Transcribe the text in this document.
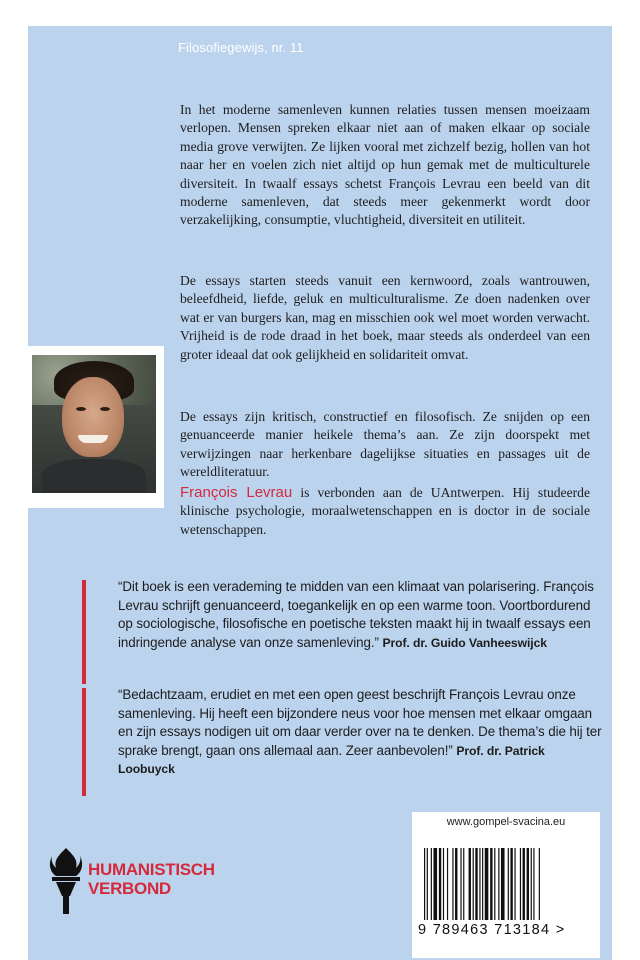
Filosofiegewijs, nr. 11

In het moderne samenleven kunnen relaties tussen mensen moeizaam verlopen. Mensen spreken elkaar niet aan of maken elkaar op sociale media grove verwijten. Ze lijken vooral met zichzelf bezig, hollen van hot naar her en voelen zich niet altijd op hun gemak met de multiculturele diversiteit. In twaalf essays schetst François Levrau een beeld van dit moderne samenleven, dat steeds meer gekenmerkt wordt door verzakelijking, consumptie, vluchtigheid, diversiteit en utiliteit.

De essays starten steeds vanuit een kernwoord, zoals wantrouwen, beleefdheid, liefde, geluk en multiculturalisme. Ze doen nadenken over wat er van burgers kan, mag en misschien ook wel moet worden verwacht. Vrijheid is de rode draad in het boek, maar steeds als onderdeel van een groter ideaal dat ook gelijkheid en solidariteit omvat.

De essays zijn kritisch, constructief en filosofisch. Ze snijden op een genuanceerde manier heikele thema’s aan. Ze zijn doorspekt met verwijzingen naar herkenbare dagelijkse situaties en passages uit de wereldliteratuur.

François Levrau is verbonden aan de UAntwerpen. Hij studeerde klinische psychologie, moraalwetenschappen en is doctor in de sociale wetenschappen.

“Dit boek is een verademing te midden van een klimaat van polarisering. François Levrau schrijft genuanceerd, toegankelijk en op een warme toon. Voortbordurend op sociologische, filosofische en poetische teksten maakt hij in twaalf essays een indringende analyse van onze samenleving.” Prof. dr. Guido Vanheeswijck

“Bedachtzaam, erudiet en met een open geest beschrijft François Levrau onze samenleving. Hij heeft een bijzondere neus voor hoe mensen met elkaar omgaan en zijn essays nodigen uit om daar verder over na te denken. De thema’s die hij ter sprake brengt, gaan ons allemaal aan. Zeer aanbevolen!” Prof. dr. Patrick Loobuyck

HUMANISTISCH
VERBOND
www.gompel-svacina.eu
9 789463 713184 >
